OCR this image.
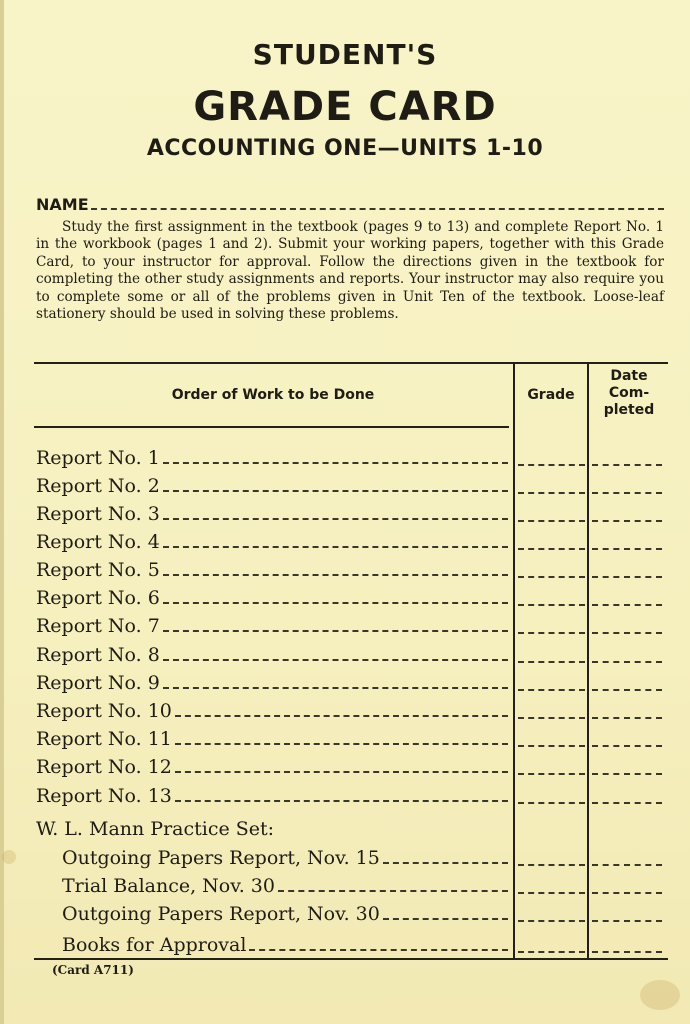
STUDENT'S
GRADE CARD
ACCOUNTING ONE—UNITS 1-10
NAME

Study the first assignment in the textbook (pages 9 to 13) and complete Report No. 1 in the workbook (pages 1 and 2). Submit your working papers, together with this Grade Card, to your instructor for approval. Follow the directions given in the textbook for completing the other study assignments and reports. Your instructor may also require you to complete some or all of the problems given in Unit Ten of the textbook. Loose-leaf stationery should be used in solving these problems.

Order of Work to be Done	Grade
Date
Com-
pleted
Report No. 1
Report No. 2
Report No. 3
Report No. 4
Report No. 5
Report No. 6
Report No. 7
Report No. 8
Report No. 9
Report No. 10
Report No. 11
Report No. 12
Report No. 13
W. L. Mann Practice Set:
Outgoing Papers Report, Nov. 15
Trial Balance, Nov. 30
Outgoing Papers Report, Nov. 30
Books for Approval
(Card A711)
